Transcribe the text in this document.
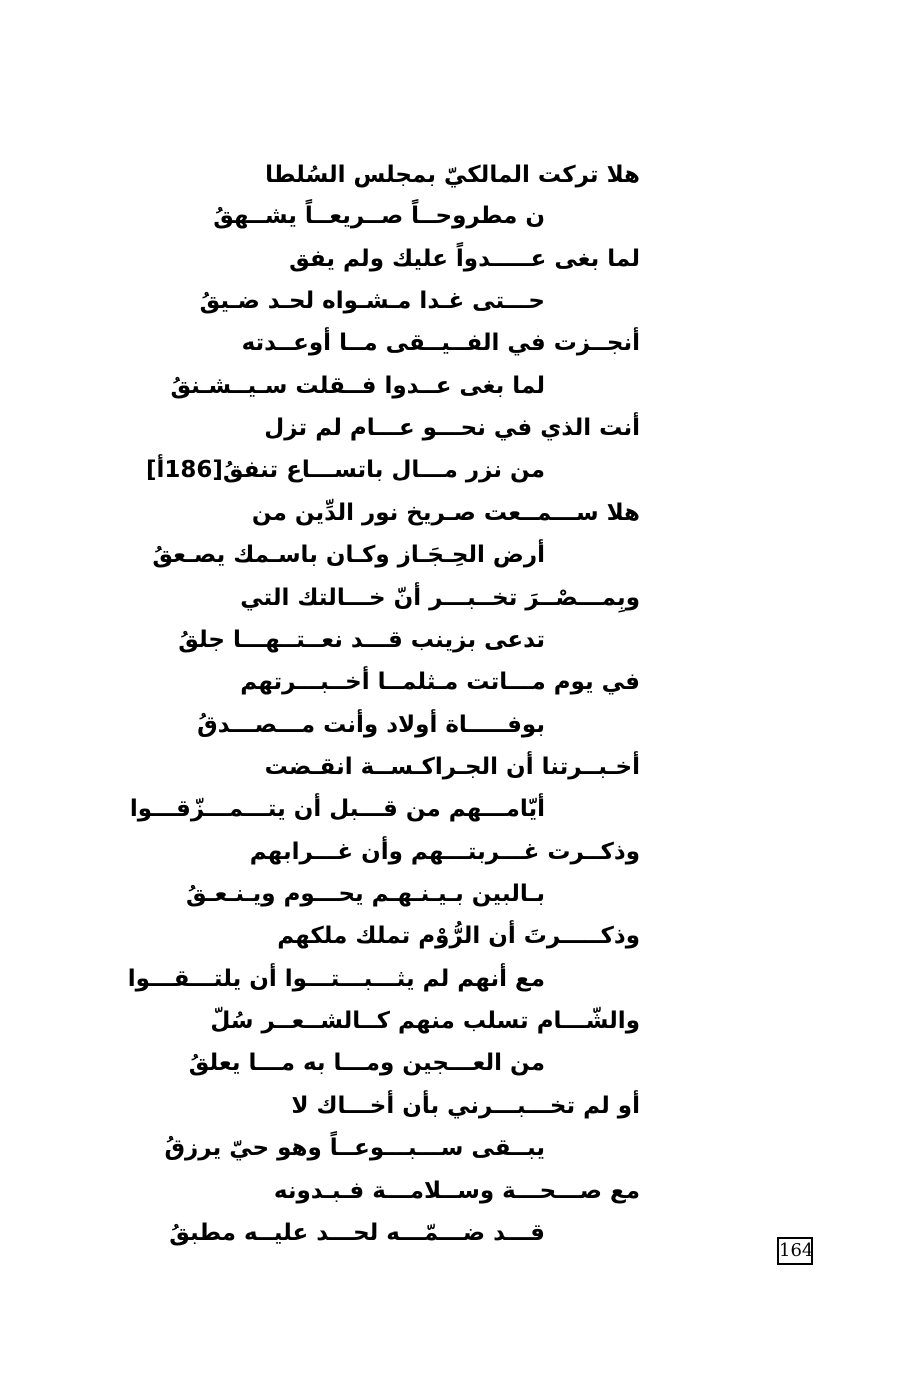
هلا تركت المالكيّ بمجلس السُلطا
ن مطروحــاً صــريعــاً يشــهقُ
لما بغى عـــــدواً عليك ولم يفق
حـــتى غـدا مـشـواه لحـد ضـيقُ
أنجــزت في الفــيــقى مــا أوعــدته
لما بغى عــدوا فــقلت سـيــشـنقُ
أنت الذي في نحـــو عـــام لم تزل
من نزر مـــال باتســـاع تنفقُ[186أ]
هلا ســـمــعت صـريخ نور الدِّين من
أرض الحِـجَـاز وكـان باسـمك يصـعقُ
وبِمـــصْــرَ تخــبـــر أنّ خـــالتك التي
تدعى بزينب قـــد نعــتــهـــا جلقُ
في يوم مـــاتت مـثلمــا أخــبـــرتهم
بوفـــــاة أولاد وأنت مـــصـــدقُ
أخـبــرتنا أن الجـراكـســة انقـضت
أيّامـــهم من قـــبل أن يتـــمـــزّقـــوا
وذكــرت غـــربتـــهم وأن غـــرابهم
بـالبين بـيـنـهـم يحـــوم ويـنـعـقُ
وذكـــــرتَ أن الرُّوْم تملك ملكهم
مع أنهم لم يثـــبـــتـــوا أن يلتـــقـــوا
والشّـــام تسلب منهم كــالشــعــر سُلّ
من العـــجين ومـــا به مـــا يعلقُ
أو لم تخـــبـــرني بأن أخـــاك لا
يبــقى ســـبـــوعــاً وهو حيّ يرزقُ
مع صـــحـــة وســلامـــة فـبـدونه
قـــد ضـــمّـــه لحـــد عليــه مطبقُ
164
